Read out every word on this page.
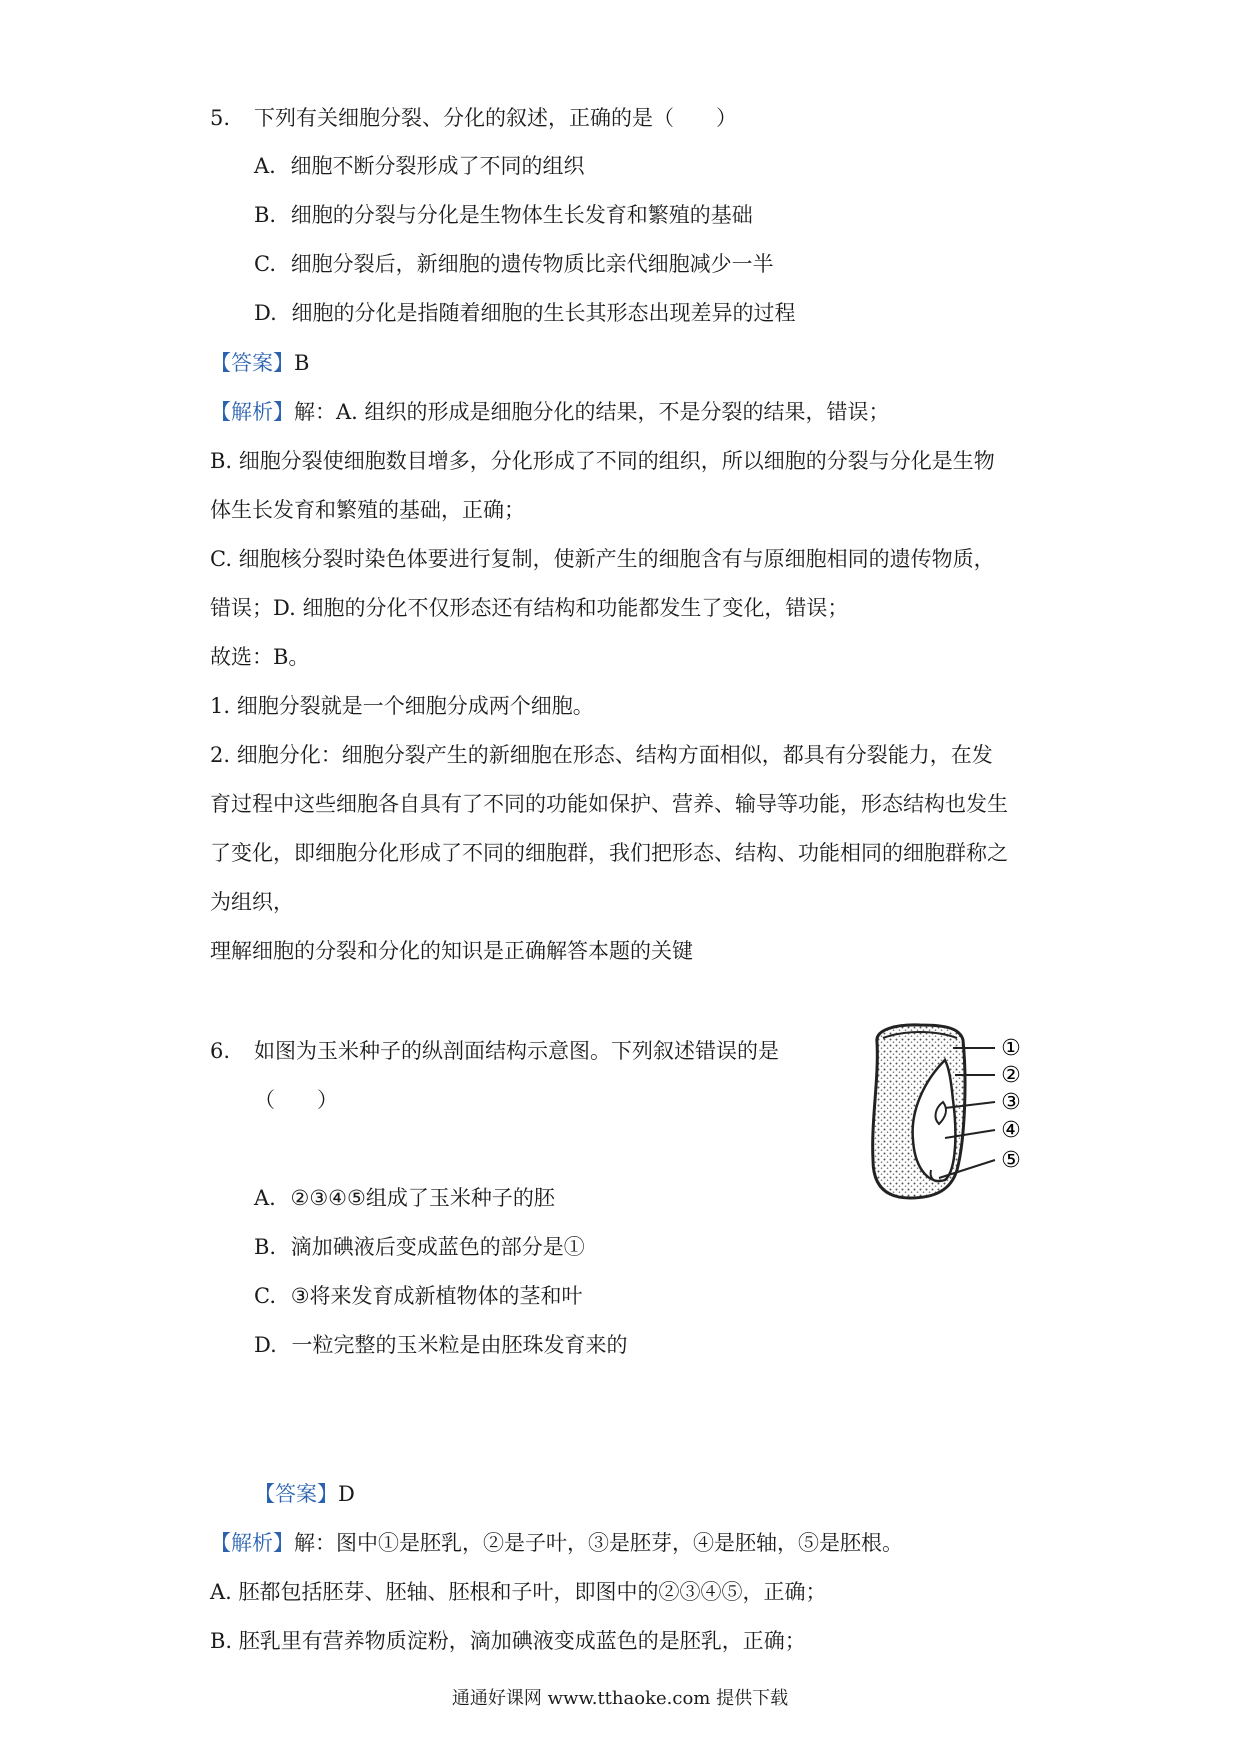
5. 下列有关细胞分裂、分化的叙述，正确的是（　　）
A. 细胞不断分裂形成了不同的组织
B. 细胞的分裂与分化是生物体生长发育和繁殖的基础
C. 细胞分裂后，新细胞的遗传物质比亲代细胞减少一半
D. 细胞的分化是指随着细胞的生长其形态出现差异的过程
【答案】B
【解析】解：A. 组织的形成是细胞分化的结果，不是分裂的结果，错误；
B. 细胞分裂使细胞数目增多，分化形成了不同的组织，所以细胞的分裂与分化是生物
体生长发育和繁殖的基础，正确；
C. 细胞核分裂时染色体要进行复制，使新产生的细胞含有与原细胞相同的遗传物质，
错误；D. 细胞的分化不仅形态还有结构和功能都发生了变化，错误；
故选：B。
1. 细胞分裂就是一个细胞分成两个细胞。
2. 细胞分化：细胞分裂产生的新细胞在形态、结构方面相似，都具有分裂能力，在发
育过程中这些细胞各自具有了不同的功能如保护、营养、输导等功能，形态结构也发生
了变化，即细胞分化形成了不同的细胞群，我们把形态、结构、功能相同的细胞群称之
为组织，
理解细胞的分裂和分化的知识是正确解答本题的关键
6. 如图为玉米种子的纵剖面结构示意图。下列叙述错误的是
（　　）
①
②
③
④
⑤
A. ②③④⑤组成了玉米种子的胚
B. 滴加碘液后变成蓝色的部分是①
C. ③将来发育成新植物体的茎和叶
D. 一粒完整的玉米粒是由胚珠发育来的
【答案】D
【解析】解：图中①是胚乳，②是子叶，③是胚芽，④是胚轴，⑤是胚根。
A. 胚都包括胚芽、胚轴、胚根和子叶，即图中的②③④⑤，正确；
B. 胚乳里有营养物质淀粉，滴加碘液变成蓝色的是胚乳，正确；
通通好课网 www.tthaoke.com 提供下载
